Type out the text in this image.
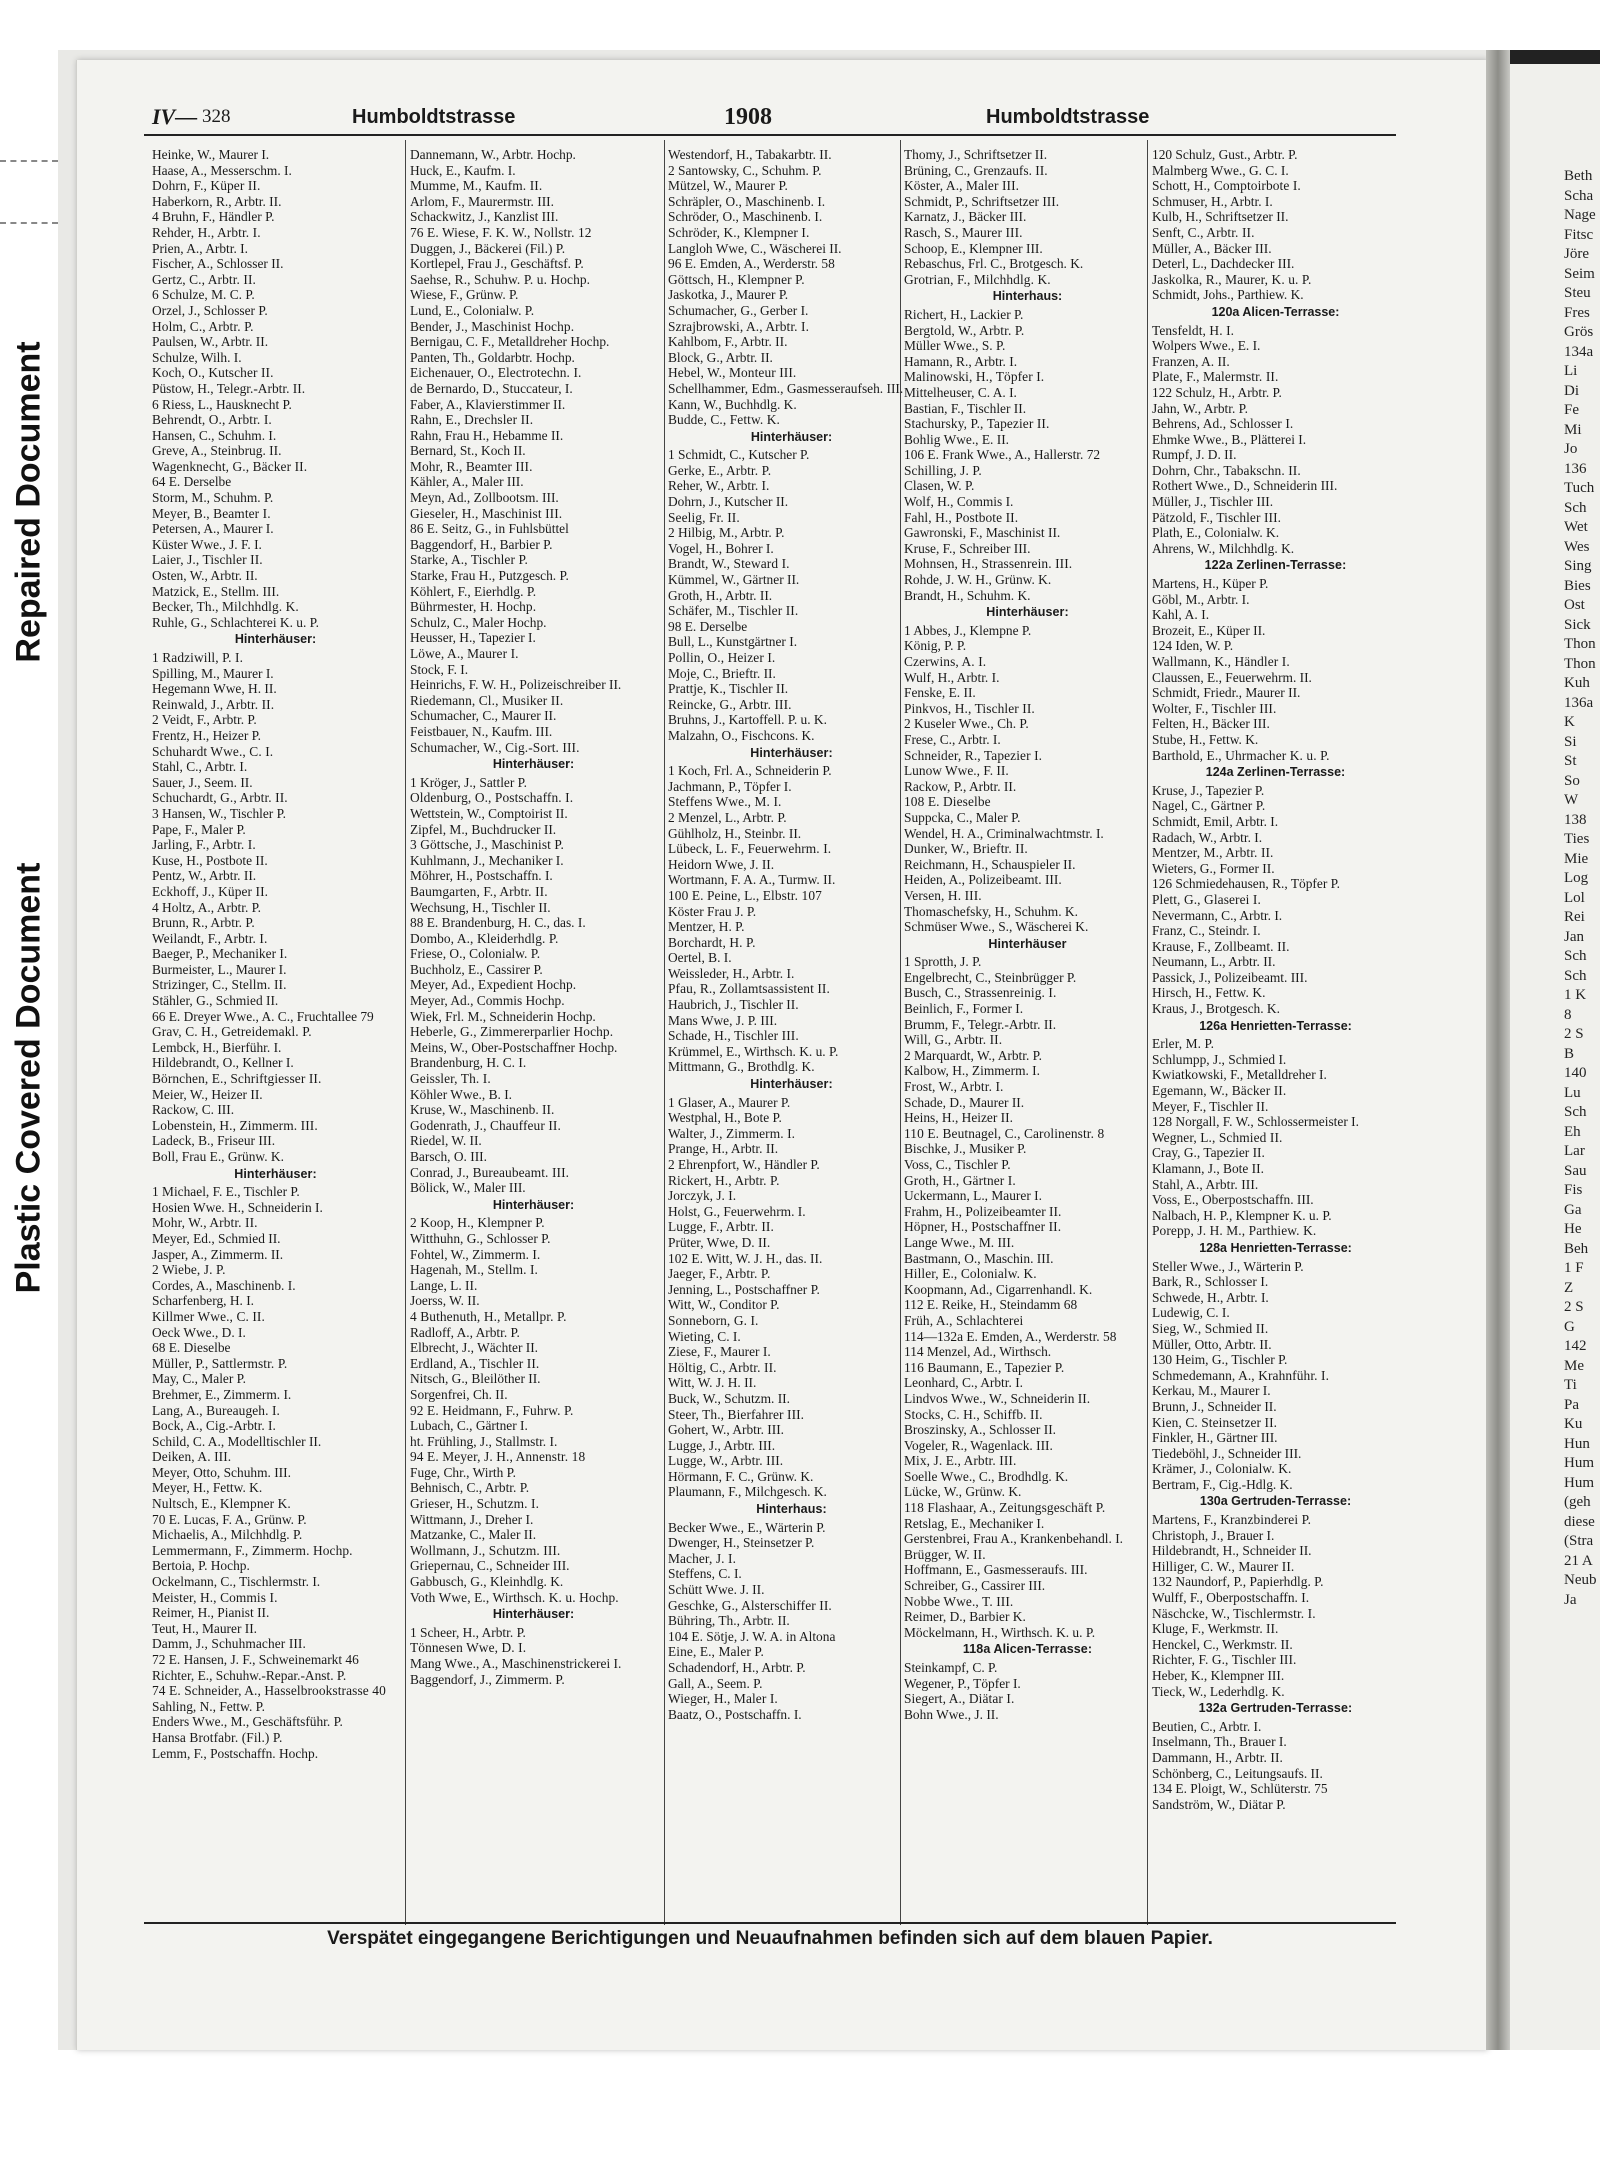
Repaired Document
Plastic Covered Document
Beth
Scha
Nage
Fitsc
Jöre
Seim
Steu
Fres
Grös
134a
Li
Di
Fe
Mi
Jo
136
Tuch
Sch
Wet
Wes
Sing
Bies
Ost
Sick
Thon
Thon
Kuh
136a
K
Si
St
So
W
138
Ties
Mie
Log
Lol
Rei
Jan
Sch
Sch
1 K
8
2 S
B
140
Lu
Sch
Eh
Lar
Sau
Fis
Ga
He
Beh
1 F
Z
2 S
G
142
Me
Ti
Pa
Ku
Hun
Hum
Hum
(geh
diese
(Stra
21 A
Neub
Ja
IV— 328	Humboldtstrasse	1908	Humboldtstrasse
Heinke, W., Maurer I.
Haase, A., Messerschm. I.
Dohrn, F., Küper II.
Haberkorn, R., Arbtr. II.
4 Bruhn, F., Händler P.
Rehder, H., Arbtr. I.
Prien, A., Arbtr. I.
Fischer, A., Schlosser II.
Gertz, C., Arbtr. II.
6 Schulze, M. C. P.
Orzel, J., Schlosser P.
Holm, C., Arbtr. P.
Paulsen, W., Arbtr. II.
Schulze, Wilh. I.
Koch, O., Kutscher II.
Püstow, H., Telegr.-Arbtr. II.
6 Riess, L., Hausknecht P.
Behrendt, O., Arbtr. I.
Hansen, C., Schuhm. I.
Greve, A., Steinbrug. II.
Wagenknecht, G., Bäcker II.
64 E. Derselbe
Storm, M., Schuhm. P.
Meyer, B., Beamter I.
Petersen, A., Maurer I.
Küster Wwe., J. F. I.
Laier, J., Tischler II.
Osten, W., Arbtr. II.
Matzick, E., Stellm. III.
Becker, Th., Milchhdlg. K.
Ruhle, G., Schlachterei K. u. P.
Hinterhäuser:
1 Radziwill, P. I.
Spilling, M., Maurer I.
Hegemann Wwe, H. II.
Reinwald, J., Arbtr. II.
2 Veidt, F., Arbtr. P.
Frentz, H., Heizer P.
Schuhardt Wwe., C. I.
Stahl, C., Arbtr. I.
Sauer, J., Seem. II.
Schuchardt, G., Arbtr. II.
3 Hansen, W., Tischler P.
Pape, F., Maler P.
Jarling, F., Arbtr. I.
Kuse, H., Postbote II.
Pentz, W., Arbtr. II.
Eckhoff, J., Küper II.
4 Holtz, A., Arbtr. P.
Brunn, R., Arbtr. P.
Weilandt, F., Arbtr. I.
Baeger, P., Mechaniker I.
Burmeister, L., Maurer I.
Strizinger, C., Stellm. II.
Stähler, G., Schmied II.
66 E. Dreyer Wwe., A. C., Fruchtallee 79
Grav, C. H., Getreidemakl. P.
Lembck, H., Bierführ. I.
Hildebrandt, O., Kellner I.
Börnchen, E., Schriftgiesser II.
Meier, W., Heizer II.
Rackow, C. III.
Lobenstein, H., Zimmerm. III.
Ladeck, B., Friseur III.
Boll, Frau E., Grünw. K.
Hinterhäuser:
1 Michael, F. E., Tischler P.
Hosien Wwe. H., Schneiderin I.
Mohr, W., Arbtr. II.
Meyer, Ed., Schmied II.
Jasper, A., Zimmerm. II.
2 Wiebe, J. P.
Cordes, A., Maschinenb. I.
Scharfenberg, H. I.
Killmer Wwe., C. II.
Oeck Wwe., D. I.
68 E. Dieselbe
Müller, P., Sattlermstr. P.
May, C., Maler P.
Brehmer, E., Zimmerm. I.
Lang, A., Bureaugeh. I.
Bock, A., Cig.-Arbtr. I.
Schild, C. A., Modelltischler II.
Deiken, A. III.
Meyer, Otto, Schuhm. III.
Meyer, H., Fettw. K.
Nultsch, E., Klempner K.
70 E. Lucas, F. A., Grünw. P.
Michaelis, A., Milchhdlg. P.
Lemmermann, F., Zimmerm. Hochp.
Bertoia, P. Hochp.
Ockelmann, C., Tischlermstr. I.
Meister, H., Commis I.
Reimer, H., Pianist II.
Teut, H., Maurer II.
Damm, J., Schuhmacher III.
72 E. Hansen, J. F., Schweinemarkt 46
Richter, E., Schuhw.-Repar.-Anst. P.
74 E. Schneider, A., Hasselbrookstrasse 40
Sahling, N., Fettw. P.
Enders Wwe., M., Geschäftsführ. P.
Hansa Brotfabr. (Fil.) P.
Lemm, F., Postschaffn. Hochp.
Dannemann, W., Arbtr. Hochp.
Huck, E., Kaufm. I.
Mumme, M., Kaufm. II.
Arlom, F., Maurermstr. III.
Schackwitz, J., Kanzlist III.
76 E. Wiese, F. K. W., Nollstr. 12
Duggen, J., Bäckerei (Fil.) P.
Kortlepel, Frau J., Geschäftsf. P.
Saehse, R., Schuhw. P. u. Hochp.
Wiese, F., Grünw. P.
Lund, E., Colonialw. P.
Bender, J., Maschinist Hochp.
Bernigau, C. F., Metalldreher Hochp.
Panten, Th., Goldarbtr. Hochp.
Eichenauer, O., Electrotechn. I.
de Bernardo, D., Stuccateur, I.
Faber, A., Klavierstimmer II.
Rahn, E., Drechsler II.
Rahn, Frau H., Hebamme II.
Bernard, St., Koch II.
Mohr, R., Beamter III.
Kähler, A., Maler III.
Meyn, Ad., Zollbootsm. III.
Gieseler, H., Maschinist III.
86 E. Seitz, G., in Fuhlsbüttel
Baggendorf, H., Barbier P.
Starke, A., Tischler P.
Starke, Frau H., Putzgesch. P.
Köhlert, F., Eierhdlg. P.
Bührmester, H. Hochp.
Schulz, C., Maler Hochp.
Heusser, H., Tapezier I.
Löwe, A., Maurer I.
Stock, F. I.
Heinrichs, F. W. H., Polizeischreiber II.
Riedemann, Cl., Musiker II.
Schumacher, C., Maurer II.
Feistbauer, N., Kaufm. III.
Schumacher, W., Cig.-Sort. III.
Hinterhäuser:
1 Kröger, J., Sattler P.
Oldenburg, O., Postschaffn. I.
Wettstein, W., Comptoirist II.
Zipfel, M., Buchdrucker II.
3 Göttsche, J., Maschinist P.
Kuhlmann, J., Mechaniker I.
Möhrer, H., Postschaffn. I.
Baumgarten, F., Arbtr. II.
Wechsung, H., Tischler II.
88 E. Brandenburg, H. C., das. I.
Dombo, A., Kleiderhdlg. P.
Friese, O., Colonialw. P.
Buchholz, E., Cassirer P.
Meyer, Ad., Expedient Hochp.
Meyer, Ad., Commis Hochp.
Wiek, Frl. M., Schneiderin Hochp.
Heberle, G., Zimmererparlier Hochp.
Meins, W., Ober-Postschaffner Hochp.
Brandenburg, H. C. I.
Geissler, Th. I.
Köhler Wwe., B. I.
Kruse, W., Maschinenb. II.
Godenrath, J., Chauffeur II.
Riedel, W. II.
Barsch, O. III.
Conrad, J., Bureaubeamt. III.
Bölick, W., Maler III.
Hinterhäuser:
2 Koop, H., Klempner P.
Witthuhn, G., Schlosser P.
Fohtel, W., Zimmerm. I.
Hagenah, M., Stellm. I.
Lange, L. II.
Joerss, W. II.
4 Buthenuth, H., Metallpr. P.
Radloff, A., Arbtr. P.
Elbrecht, J., Wächter II.
Erdland, A., Tischler II.
Nitsch, G., Bleilöther II.
Sorgenfrei, Ch. II.
92 E. Heidmann, F., Fuhrw. P.
Lubach, C., Gärtner I.
ht. Frühling, J., Stallmstr. I.
94 E. Meyer, J. H., Annenstr. 18
Fuge, Chr., Wirth P.
Behnisch, C., Arbtr. P.
Grieser, H., Schutzm. I.
Wittmann, J., Dreher I.
Matzanke, C., Maler II.
Wollmann, J., Schutzm. III.
Griepernau, C., Schneider III.
Gabbusch, G., Kleinhdlg. K.
Voth Wwe, E., Wirthsch. K. u. Hochp.
Hinterhäuser:
1 Scheer, H., Arbtr. P.
Tönnesen Wwe, D. I.
Mang Wwe., A., Maschinenstrickerei I.
Baggendorf, J., Zimmerm. P.
Westendorf, H., Tabakarbtr. II.
2 Santowsky, C., Schuhm. P.
Mützel, W., Maurer P.
Schräpler, O., Maschinenb. I.
Schröder, O., Maschinenb. I.
Schröder, K., Klempner I.
Langloh Wwe, C., Wäscherei II.
96 E. Emden, A., Werderstr. 58
Göttsch, H., Klempner P.
Jaskotka, J., Maurer P.
Schumacher, G., Gerber I.
Szrajbrowski, A., Arbtr. I.
Kahlbom, F., Arbtr. II.
Block, G., Arbtr. II.
Hebel, W., Monteur III.
Schellhammer, Edm., Gasmesseraufseh. III.
Kann, W., Buchhdlg. K.
Budde, C., Fettw. K.
Hinterhäuser:
1 Schmidt, C., Kutscher P.
Gerke, E., Arbtr. P.
Reher, W., Arbtr. I.
Dohrn, J., Kutscher II.
Seelig, Fr. II.
2 Hilbig, M., Arbtr. P.
Vogel, H., Bohrer I.
Brandt, W., Steward I.
Kümmel, W., Gärtner II.
Groth, H., Arbtr. II.
Schäfer, M., Tischler II.
98 E. Derselbe
Bull, L., Kunstgärtner I.
Pollin, O., Heizer I.
Moje, C., Brieftr. II.
Prattje, K., Tischler II.
Reincke, G., Arbtr. III.
Bruhns, J., Kartoffell. P. u. K.
Malzahn, O., Fischcons. K.
Hinterhäuser:
1 Koch, Frl. A., Schneiderin P.
Jachmann, P., Töpfer I.
Steffens Wwe., M. I.
2 Menzel, L., Arbtr. P.
Gühlholz, H., Steinbr. II.
Lübeck, L. F., Feuerwehrm. I.
Heidorn Wwe, J. II.
Wortmann, F. A. A., Turmw. II.
100 E. Peine, L., Elbstr. 107
Köster Frau J. P.
Mentzer, H. P.
Borchardt, H. P.
Oertel, B. I.
Weissleder, H., Arbtr. I.
Pfau, R., Zollamtsassistent II.
Haubrich, J., Tischler II.
Mans Wwe, J. P. III.
Schade, H., Tischler III.
Krümmel, E., Wirthsch. K. u. P.
Mittmann, G., Brothdlg. K.
Hinterhäuser:
1 Glaser, A., Maurer P.
Westphal, H., Bote P.
Walter, J., Zimmerm. I.
Prange, H., Arbtr. II.
2 Ehrenpfort, W., Händler P.
Rickert, H., Arbtr. P.
Jorczyk, J. I.
Holst, G., Feuerwehrm. I.
Lugge, F., Arbtr. II.
Prüter, Wwe, D. II.
102 E. Witt, W. J. H., das. II.
Jaeger, F., Arbtr. P.
Jenning, L., Postschaffner P.
Witt, W., Conditor P.
Sonneborn, G. I.
Wieting, C. I.
Ziese, F., Maurer I.
Höltig, C., Arbtr. II.
Witt, W. J. H. II.
Buck, W., Schutzm. II.
Steer, Th., Bierfahrer III.
Gohert, W., Arbtr. III.
Lugge, J., Arbtr. III.
Lugge, W., Arbtr. III.
Hörmann, F. C., Grünw. K.
Plaumann, F., Milchgesch. K.
Hinterhaus:
Becker Wwe., E., Wärterin P.
Dwenger, H., Steinsetzer P.
Macher, J. I.
Steffens, C. I.
Schütt Wwe. J. II.
Geschke, G., Alsterschiffer II.
Bühring, Th., Arbtr. II.
104 E. Sötje, J. W. A. in Altona
Eine, E., Maler P.
Schadendorf, H., Arbtr. P.
Gall, A., Seem. P.
Wieger, H., Maler I.
Baatz, O., Postschaffn. I.
Thomy, J., Schriftsetzer II.
Brüning, C., Grenzaufs. II.
Köster, A., Maler III.
Schmidt, P., Schriftsetzer III.
Karnatz, J., Bäcker III.
Rasch, S., Maurer III.
Schoop, E., Klempner III.
Rebaschus, Frl. C., Brotgesch. K.
Grotrian, F., Milchhdlg. K.
Hinterhaus:
Richert, H., Lackier P.
Bergtold, W., Arbtr. P.
Müller Wwe., S. P.
Hamann, R., Arbtr. I.
Malinowski, H., Töpfer I.
Mittelheuser, C. A. I.
Bastian, F., Tischler II.
Stachursky, P., Tapezier II.
Bohlig Wwe., E. II.
106 E. Frank Wwe., A., Hallerstr. 72
Schilling, J. P.
Clasen, W. P.
Wolf, H., Commis I.
Fahl, H., Postbote II.
Gawronski, F., Maschinist II.
Kruse, F., Schreiber III.
Mohnsen, H., Strassenrein. III.
Rohde, J. W. H., Grünw. K.
Brandt, H., Schuhm. K.
Hinterhäuser:
1 Abbes, J., Klempne P.
König, P. P.
Czerwins, A. I.
Wulf, H., Arbtr. I.
Fenske, E. II.
Pinkvos, H., Tischler II.
2 Kuseler Wwe., Ch. P.
Frese, C., Arbtr. I.
Schneider, R., Tapezier I.
Lunow Wwe., F. II.
Rackow, P., Arbtr. II.
108 E. Dieselbe
Suppcka, C., Maler P.
Wendel, H. A., Criminalwachtmstr. I.
Dunker, W., Brieftr. II.
Reichmann, H., Schauspieler II.
Heiden, A., Polizeibeamt. III.
Versen, H. III.
Thomaschefsky, H., Schuhm. K.
Schmüser Wwe., S., Wäscherei K.
Hinterhäuser
1 Sprotth, J. P.
Engelbrecht, C., Steinbrügger P.
Busch, C., Strassenreinig. I.
Beinlich, F., Former I.
Brumm, F., Telegr.-Arbtr. II.
Will, G., Arbtr. II.
2 Marquardt, W., Arbtr. P.
Kalbow, H., Zimmerm. I.
Frost, W., Arbtr. I.
Schade, D., Maurer II.
Heins, H., Heizer II.
110 E. Beutnagel, C., Carolinenstr. 8
Bischke, J., Musiker P.
Voss, C., Tischler P.
Groth, H., Gärtner I.
Uckermann, L., Maurer I.
Frahm, H., Polizeibeamter II.
Höpner, H., Postschaffner II.
Lange Wwe., M. III.
Bastmann, O., Maschin. III.
Hiller, E., Colonialw. K.
Koopmann, Ad., Cigarrenhandl. K.
112 E. Reike, H., Steindamm 68
Früh, A., Schlachterei
114—132a E. Emden, A., Werderstr. 58
114 Menzel, Ad., Wirthsch.
116 Baumann, E., Tapezier P.
Leonhard, C., Arbtr. I.
Lindvos Wwe., W., Schneiderin II.
Stocks, C. H., Schiffb. II.
Broszinsky, A., Schlosser II.
Vogeler, R., Wagenlack. III.
Mix, J. E., Arbtr. III.
Soelle Wwe., C., Brodhdlg. K.
Lücke, W., Grünw. K.
118 Flashaar, A., Zeitungsgeschäft P.
Retslag, E., Mechaniker I.
Gerstenbrei, Frau A., Krankenbehandl. I.
Brügger, W. II.
Hoffmann, E., Gasmesseraufs. III.
Schreiber, G., Cassirer III.
Nobbe Wwe., T. III.
Reimer, D., Barbier K.
Möckelmann, H., Wirthsch. K. u. P.
118a Alicen-Terrasse:
Steinkampf, C. P.
Wegener, P., Töpfer I.
Siegert, A., Diätar I.
Bohn Wwe., J. II.
120 Schulz, Gust., Arbtr. P.
Malmberg Wwe., G. C. I.
Schott, H., Comptoirbote I.
Schmuser, H., Arbtr. I.
Kulb, H., Schriftsetzer II.
Senft, C., Arbtr. II.
Müller, A., Bäcker III.
Deterl, L., Dachdecker III.
Jaskolka, R., Maurer, K. u. P.
Schmidt, Johs., Parthiew. K.
120a Alicen-Terrasse:
Tensfeldt, H. I.
Wolpers Wwe., E. I.
Franzen, A. II.
Plate, F., Malermstr. II.
122 Schulz, H., Arbtr. P.
Jahn, W., Arbtr. P.
Behrens, Ad., Schlosser I.
Ehmke Wwe., B., Plätterei I.
Rumpf, J. D. II.
Dohrn, Chr., Tabakschn. II.
Rothert Wwe., D., Schneiderin III.
Müller, J., Tischler III.
Pätzold, F., Tischler III.
Plath, E., Colonialw. K.
Ahrens, W., Milchhdlg. K.
122a Zerlinen-Terrasse:
Martens, H., Küper P.
Göbl, M., Arbtr. I.
Kahl, A. I.
Brozeit, E., Küper II.
124 Iden, W. P.
Wallmann, K., Händler I.
Claussen, E., Feuerwehrm. II.
Schmidt, Friedr., Maurer II.
Wolter, F., Tischler III.
Felten, H., Bäcker III.
Stube, H., Fettw. K.
Barthold, E., Uhrmacher K. u. P.
124a Zerlinen-Terrasse:
Kruse, J., Tapezier P.
Nagel, C., Gärtner P.
Schmidt, Emil, Arbtr. I.
Radach, W., Arbtr. I.
Mentzer, M., Arbtr. II.
Wieters, G., Former II.
126 Schmiedehausen, R., Töpfer P.
Plett, G., Glaserei I.
Nevermann, C., Arbtr. I.
Franz, C., Steindr. I.
Krause, F., Zollbeamt. II.
Neumann, L., Arbtr. II.
Passick, J., Polizeibeamt. III.
Hirsch, H., Fettw. K.
Kraus, J., Brotgesch. K.
126a Henrietten-Terrasse:
Erler, M. P.
Schlumpp, J., Schmied I.
Kwiatkowski, F., Metalldreher I.
Egemann, W., Bäcker II.
Meyer, F., Tischler II.
128 Norgall, F. W., Schlossermeister I.
Wegner, L., Schmied II.
Cray, G., Tapezier II.
Klamann, J., Bote II.
Stahl, A., Arbtr. III.
Voss, E., Oberpostschaffn. III.
Nalbach, H. P., Klempner K. u. P.
Porepp, J. H. M., Parthiew. K.
128a Henrietten-Terrasse:
Steller Wwe., J., Wärterin P.
Bark, R., Schlosser I.
Schwede, H., Arbtr. I.
Ludewig, C. I.
Sieg, W., Schmied II.
Müller, Otto, Arbtr. II.
130 Heim, G., Tischler P.
Schmedemann, A., Krahnführ. I.
Kerkau, M., Maurer I.
Brunn, J., Schneider II.
Kien, C. Steinsetzer II.
Finkler, H., Gärtner III.
Tiedeböhl, J., Schneider III.
Krämer, J., Colonialw. K.
Bertram, F., Cig.-Hdlg. K.
130a Gertruden-Terrasse:
Martens, F., Kranzbinderei P.
Christoph, J., Brauer I.
Hildebrandt, H., Schneider II.
Hilliger, C. W., Maurer II.
132 Naundorf, P., Papierhdlg. P.
Wulff, F., Oberpostschaffn. I.
Näschcke, W., Tischlermstr. I.
Kluge, F., Werkmstr. II.
Henckel, C., Werkmstr. II.
Richter, F. G., Tischler III.
Heber, K., Klempner III.
Tieck, W., Lederhdlg. K.
132a Gertruden-Terrasse:
Beutien, C., Arbtr. I.
Inselmann, Th., Brauer I.
Dammann, H., Arbtr. II.
Schönberg, C., Leitungsaufs. II.
134 E. Ploigt, W., Schlüterstr. 75
Sandström, W., Diätar P.
Verspätet eingegangene Berichtigungen und Neuaufnahmen befinden sich auf dem blauen Papier.
